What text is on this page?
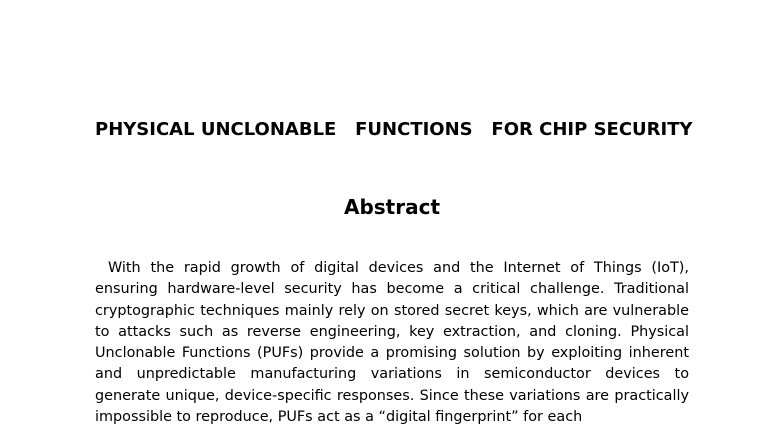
PHYSICAL UNCLONABLE   FUNCTIONS   FOR CHIP SECURITY
Abstract

With the rapid growth of digital devices and the Internet of Things (IoT), ensuring hardware-level security has become a critical challenge. Traditional cryptographic techniques mainly rely on stored secret keys, which are vulnerable to attacks such as reverse engineering, key extraction, and cloning. Physical Unclonable Functions (PUFs) provide a promising solution by exploiting inherent and unpredictable manufacturing variations in semiconductor devices to generate unique, device-specific responses. Since these variations are practically impossible to reproduce, PUFs act as a “digital fingerprint” for each
